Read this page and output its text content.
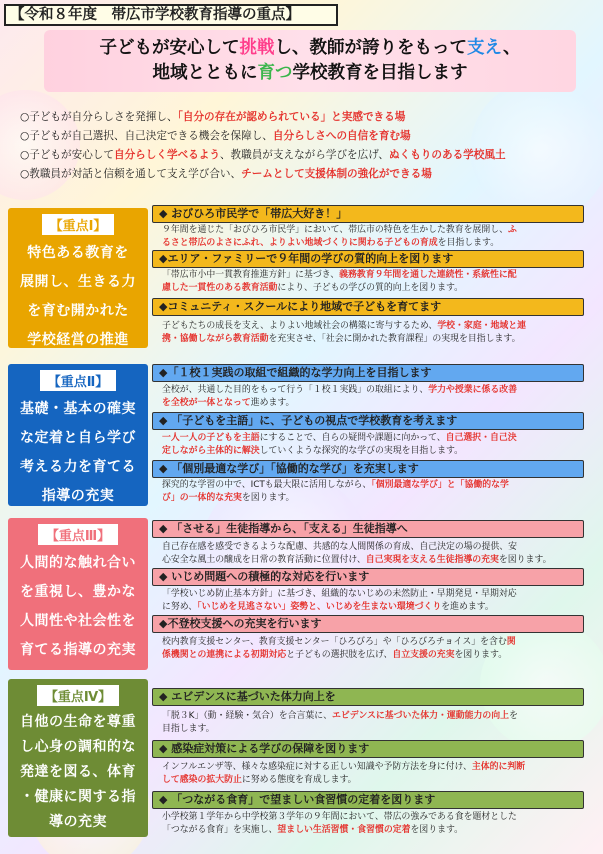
【令和８年度　帯広市学校教育指導の重点】
子どもが安心して挑戦し、教師が誇りをもって支え、
地域とともに育つ学校教育を目指します
○子どもが自分らしさを発揮し、「自分の存在が認められている」と実感できる場
○子どもが自己選択、自己決定できる機会を保障し、自分らしさへの自信を育む場
○子どもが安心して自分らしく学べるよう、教職員が支えながら学びを広げ、ぬくもりのある学校風土
○教職員が対話と信頼を通して支え学び合い、チームとして支援体制の強化ができる場
【重点Ⅰ】
特色ある教育を
展開し、生きる力
を育む開かれた
学校経営の推進
【重点Ⅱ】
基礎・基本の確実
な定着と自ら学び
考える力を育てる
指導の充実
【重点Ⅲ】
人間的な触れ合い
を重視し、豊かな
人間性や社会性を
育てる指導の充実
【重点Ⅳ】
自他の生命を尊重
し心身の調和的な
発達を図る、体育
・健康に関する指
導の充実
◆ おびひろ市民学で「帯広大好き！」
９年間を通じた「おびひろ市民学」において、帯広市の特色を生かした教育を展開し、ふ
るさと帯広のよさにふれ、よりよい地域づくりに関わる子どもの育成を目指します。
◆エリア・ファミリーで９年間の学びの質的向上を図ります
「帯広市小中一貫教育推進方針」に基づき、義務教育９年間を通した連続性・系統性に配
慮した一貫性のある教育活動により、子どもの学びの質的向上を図ります。
◆コミュニティ・スクールにより地域で子どもを育てます
子どもたちの成長を支え、よりよい地域社会の構築に寄与するため、学校・家庭・地域と連
携・協働しながら教育活動を充実させ、「社会に開かれた教育課程」の実現を目指します。
◆「１校１実践の取組で組織的な学力向上を目指します
全校が、共通した目的をもって行う「１校１実践」の取組により、学力や授業に係る改善
を全校が一体となって進めます。
◆ 「子どもを主語」に、子どもの視点で学校教育を考えます
一人一人の子どもを主語にすることで、自らの疑問や課題に向かって、自己選択・自己決
定しながら主体的に解決していくような探究的な学びの実現を目指します。
◆ 「個別最適な学び」「協働的な学び」を充実します
探究的な学習の中で、ICTも最大限に活用しながら、「個別最適な学び」と「協働的な学
び」の一体的な充実を図ります。
◆ 「させる」生徒指導から、「支える」生徒指導へ
自己存在感を感受できるような配慮、共感的な人間関係の育成、自己決定の場の提供、安
心安全な風土の醸成を日常の教育活動に位置付け、自己実現を支える生徒指導の充実を図ります。
◆ いじめ問題への積極的な対応を行います
「学校いじめ防止基本方針」に基づき、組織的ないじめの未然防止・早期発見・早期対応
に努め、「いじめを見逃さない」姿勢と、いじめを生まない環境づくりを進めます。
◆不登校支援への充実を行います
校内教育支援センター、教育支援センター「ひろびろ」や「ひろびろチョイス」を含む関
係機関との連携による初期対応と子どもの選択肢を広げ、自立支援の充実を図ります。
◆ エビデンスに基づいた体力向上を
「脱３K」（動・経験・気合）を合言葉に、エビデンスに基づいた体力・運動能力の向上を
目指します。
◆ 感染症対策による学びの保障を図ります
インフルエンザ等、様々な感染症に対する正しい知識や予防方法を身に付け、主体的に判断
して感染の拡大防止に努める態度を育成します。
◆ 「つながる食育」で望ましい食習慣の定着を図ります
小学校第１学年から中学校第３学年の９年間において、帯広の強みである食を題材とした
「つながる食育」を実施し、望ましい生活習慣・食習慣の定着を図ります。
